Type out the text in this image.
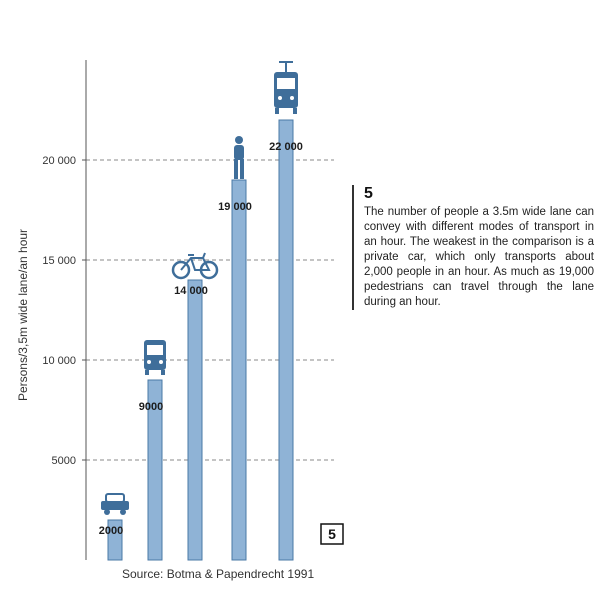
5000
10 000
15 000
20 000
2000
9000
14 000
19 000
22 000
Persons/3,5m wide lane/an hour
Source: Botma & Papendrecht 1991
5
5

The number of people a 3.5m wide lane can convey with different modes of transport in an hour. The weakest in the comparison is a private car, which only transports about 2,000 people in an hour. As much as 19,000 pedestrians can travel through the lane during an hour.
